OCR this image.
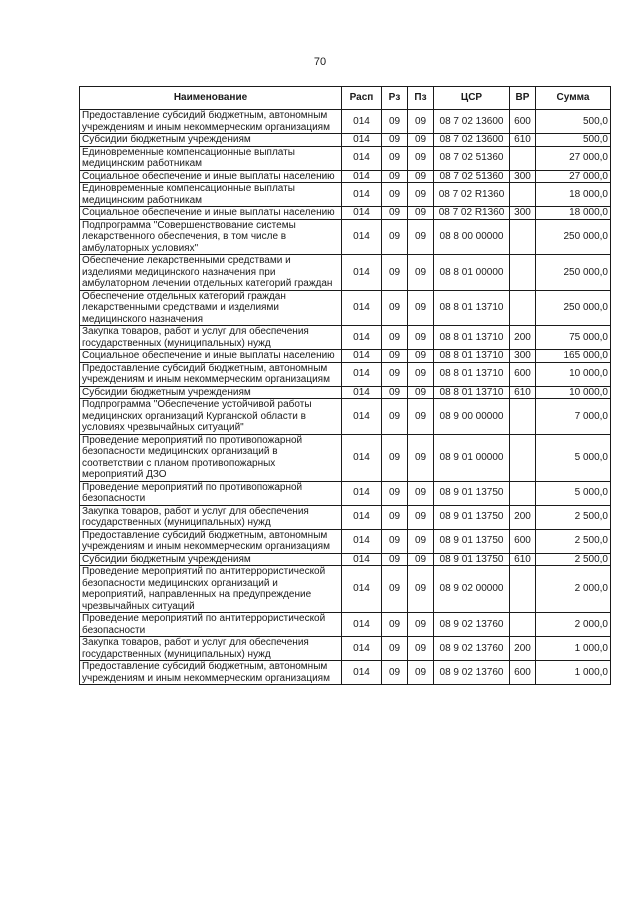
70
Наименование	Расп	Рз	Пз	ЦСР	ВР	Сумма
Предоставление субсидий бюджетным, автономным учреждениям и иным некоммерческим организациям	014	09	09	08 7 02 13600	600	500,0
Субсидии бюджетным учреждениям	014	09	09	08 7 02 13600	610	500,0
Единовременные компенсационные выплаты медицинским работникам	014	09	09	08 7 02 51360		27 000,0
Социальное обеспечение и иные выплаты населению	014	09	09	08 7 02 51360	300	27 000,0
Единовременные компенсационные выплаты медицинским работникам	014	09	09	08 7 02 R1360		18 000,0
Социальное обеспечение и иные выплаты населению	014	09	09	08 7 02 R1360	300	18 000,0
Подпрограмма "Совершенствование системы лекарственного обеспечения, в том числе в амбулаторных условиях"	014	09	09	08 8 00 00000		250 000,0
Обеспечение лекарственными средствами и изделиями медицинского назначения при амбулаторном лечении отдельных категорий граждан	014	09	09	08 8 01 00000		250 000,0
Обеспечение отдельных категорий граждан лекарственными средствами и изделиями медицинского назначения	014	09	09	08 8 01 13710		250 000,0
Закупка товаров, работ и услуг для обеспечения государственных (муниципальных) нужд	014	09	09	08 8 01 13710	200	75 000,0
Социальное обеспечение и иные выплаты населению	014	09	09	08 8 01 13710	300	165 000,0
Предоставление субсидий бюджетным, автономным учреждениям и иным некоммерческим организациям	014	09	09	08 8 01 13710	600	10 000,0
Субсидии бюджетным учреждениям	014	09	09	08 8 01 13710	610	10 000,0
Подпрограмма "Обеспечение устойчивой работы медицинских организаций Курганской области в условиях чрезвычайных ситуаций"	014	09	09	08 9 00 00000		7 000,0
Проведение мероприятий по противопожарной безопасности медицинских организаций в соответствии с планом противопожарных мероприятий ДЗО	014	09	09	08 9 01 00000		5 000,0
Проведение мероприятий по противопожарной безопасности	014	09	09	08 9 01 13750		5 000,0
Закупка товаров, работ и услуг для обеспечения государственных (муниципальных) нужд	014	09	09	08 9 01 13750	200	2 500,0
Предоставление субсидий бюджетным, автономным учреждениям и иным некоммерческим организациям	014	09	09	08 9 01 13750	600	2 500,0
Субсидии бюджетным учреждениям	014	09	09	08 9 01 13750	610	2 500,0
Проведение мероприятий по антитеррористической безопасности медицинских организаций и мероприятий, направленных на предупреждение чрезвычайных ситуаций	014	09	09	08 9 02 00000		2 000,0
Проведение мероприятий по антитеррористической безопасности	014	09	09	08 9 02 13760		2 000,0
Закупка товаров, работ и услуг для обеспечения государственных (муниципальных) нужд	014	09	09	08 9 02 13760	200	1 000,0
Предоставление субсидий бюджетным, автономным учреждениям и иным некоммерческим организациям	014	09	09	08 9 02 13760	600	1 000,0
